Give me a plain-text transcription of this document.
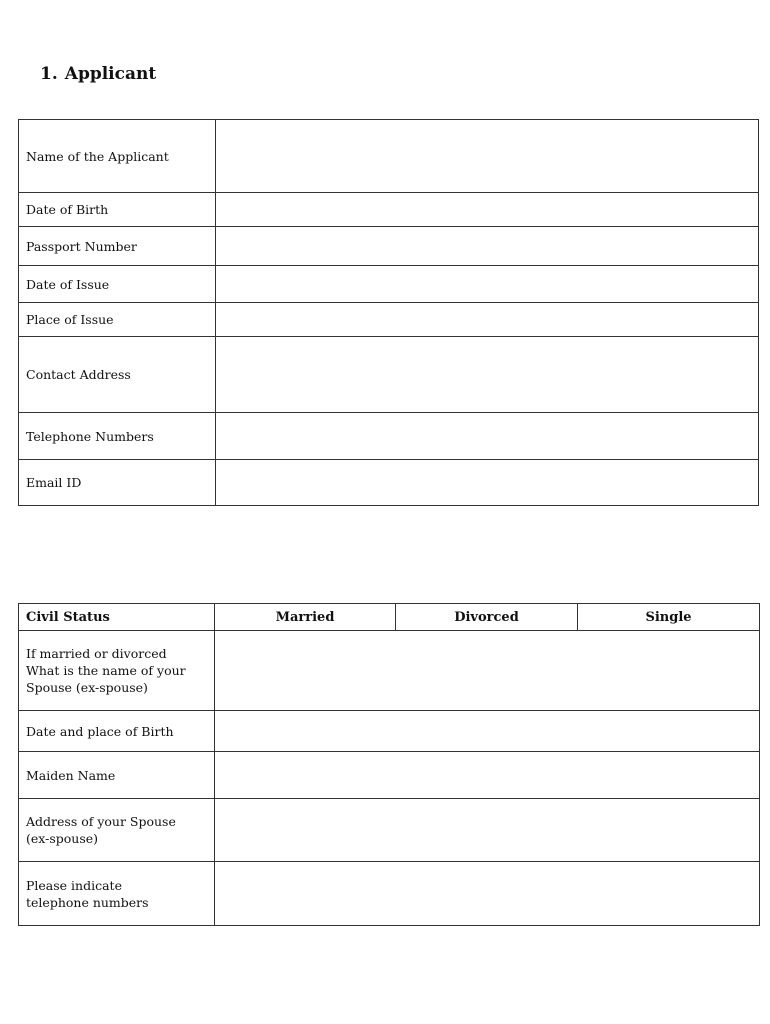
1. Applicant
Name of the Applicant	
Date of Birth	
Passport Number	
Date of Issue	
Place of Issue	
Contact Address	
Telephone Numbers	
Email ID	
Civil Status	Married	Divorced	Single

If married or divorced
What is the name of your
Spouse (ex-spouse)			

Date and place of Birth			

Maiden Name			

Address of your Spouse
(ex-spouse)			

Please indicate
telephone numbers			
